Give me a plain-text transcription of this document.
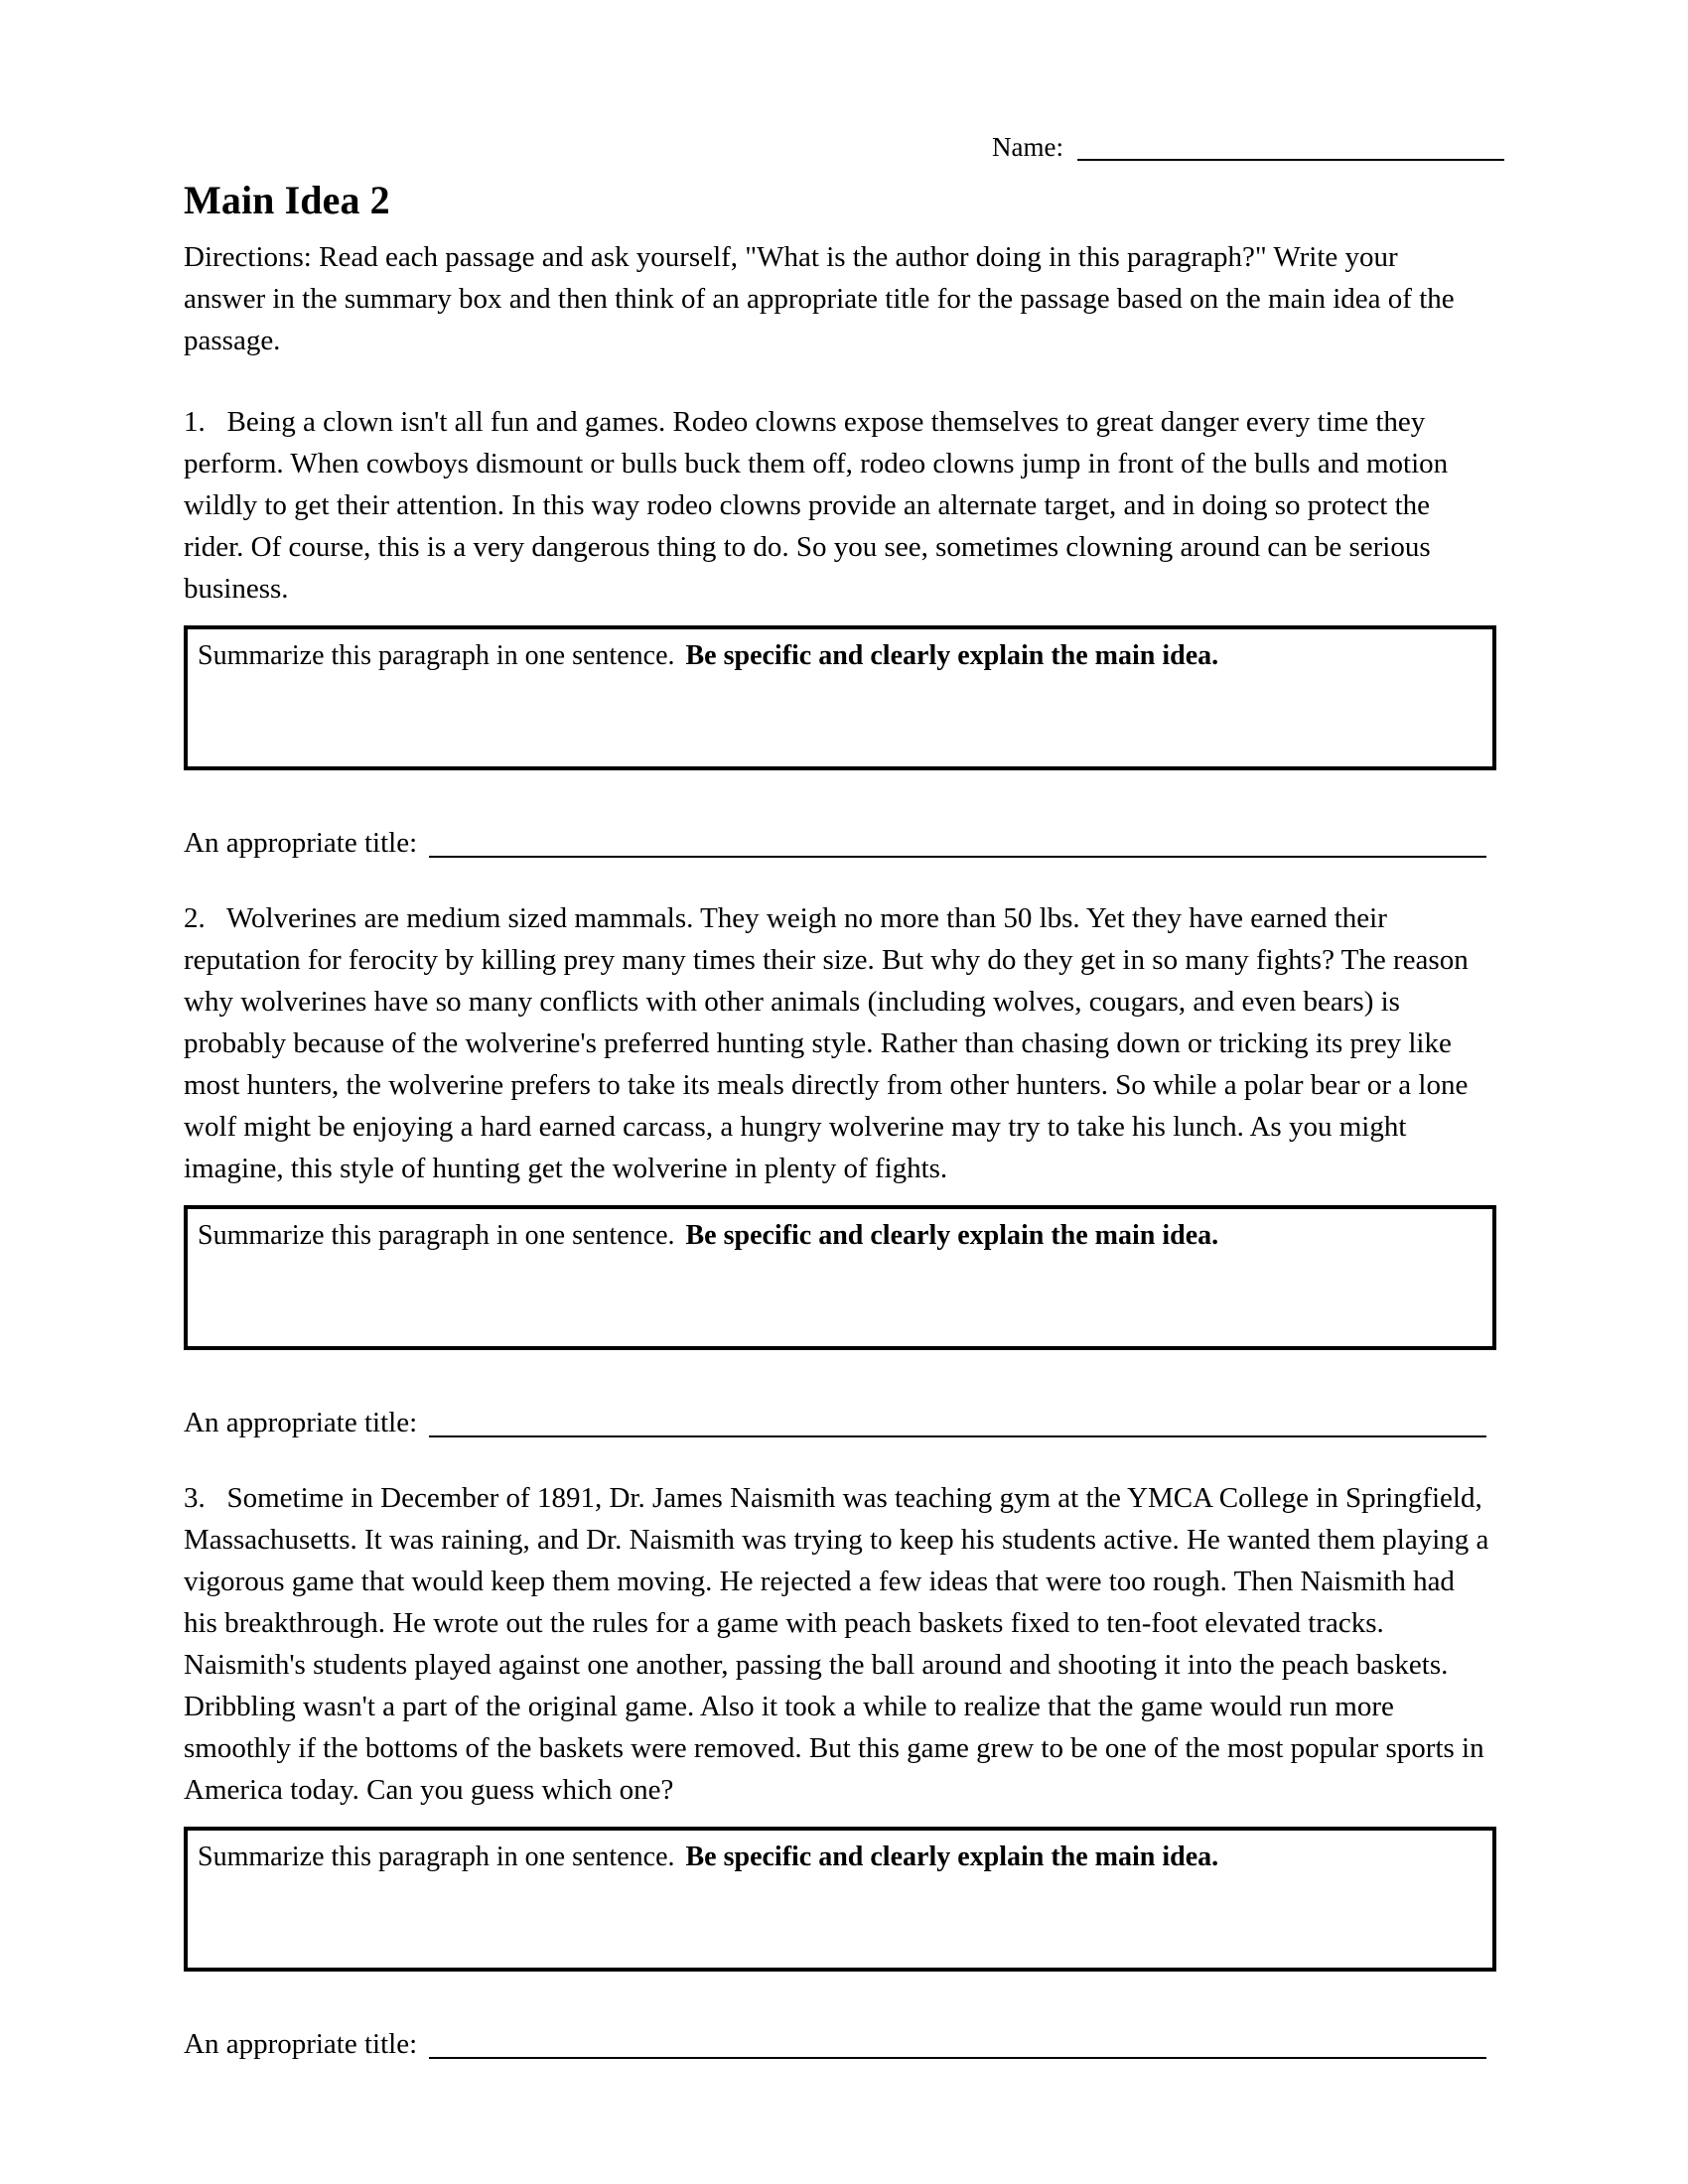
Name:
Main Idea 2
Directions: Read each passage and ask yourself, "What is the author doing in this paragraph?" Write your answer in the summary box and then think of an appropriate title for the passage based on the main idea of the passage.
1.   Being a clown isn't all fun and games. Rodeo clowns expose themselves to great danger every time they perform. When cowboys dismount or bulls buck them off, rodeo clowns jump in front of the bulls and motion wildly to get their attention. In this way rodeo clowns provide an alternate target, and in doing so protect the rider. Of course, this is a very dangerous thing to do. So you see, sometimes clowning around can be serious business.
Summarize this paragraph in one sentence. Be specific and clearly explain the main idea.
An appropriate title:
2.   Wolverines are medium sized mammals. They weigh no more than 50 lbs. Yet they have earned their reputation for ferocity by killing prey many times their size. But why do they get in so many fights? The reason why wolverines have so many conflicts with other animals (including wolves, cougars, and even bears) is probably because of the wolverine's preferred hunting style. Rather than chasing down or tricking its prey like most hunters, the wolverine prefers to take its meals directly from other hunters. So while a polar bear or a lone wolf might be enjoying a hard earned carcass, a hungry wolverine may try to take his lunch. As you might imagine, this style of hunting get the wolverine in plenty of fights.
Summarize this paragraph in one sentence. Be specific and clearly explain the main idea.
An appropriate title:
3.   Sometime in December of 1891, Dr. James Naismith was teaching gym at the YMCA College in Springfield, Massachusetts. It was raining, and Dr. Naismith was trying to keep his students active. He wanted them playing a vigorous game that would keep them moving. He rejected a few ideas that were too rough. Then Naismith had his breakthrough. He wrote out the rules for a game with peach baskets fixed to ten-foot elevated tracks. Naismith's students played against one another, passing the ball around and shooting it into the peach baskets. Dribbling wasn't a part of the original game. Also it took a while to realize that the game would run more smoothly if the bottoms of the baskets were removed. But this game grew to be one of the most popular sports in America today. Can you guess which one?
Summarize this paragraph in one sentence. Be specific and clearly explain the main idea.
An appropriate title:
